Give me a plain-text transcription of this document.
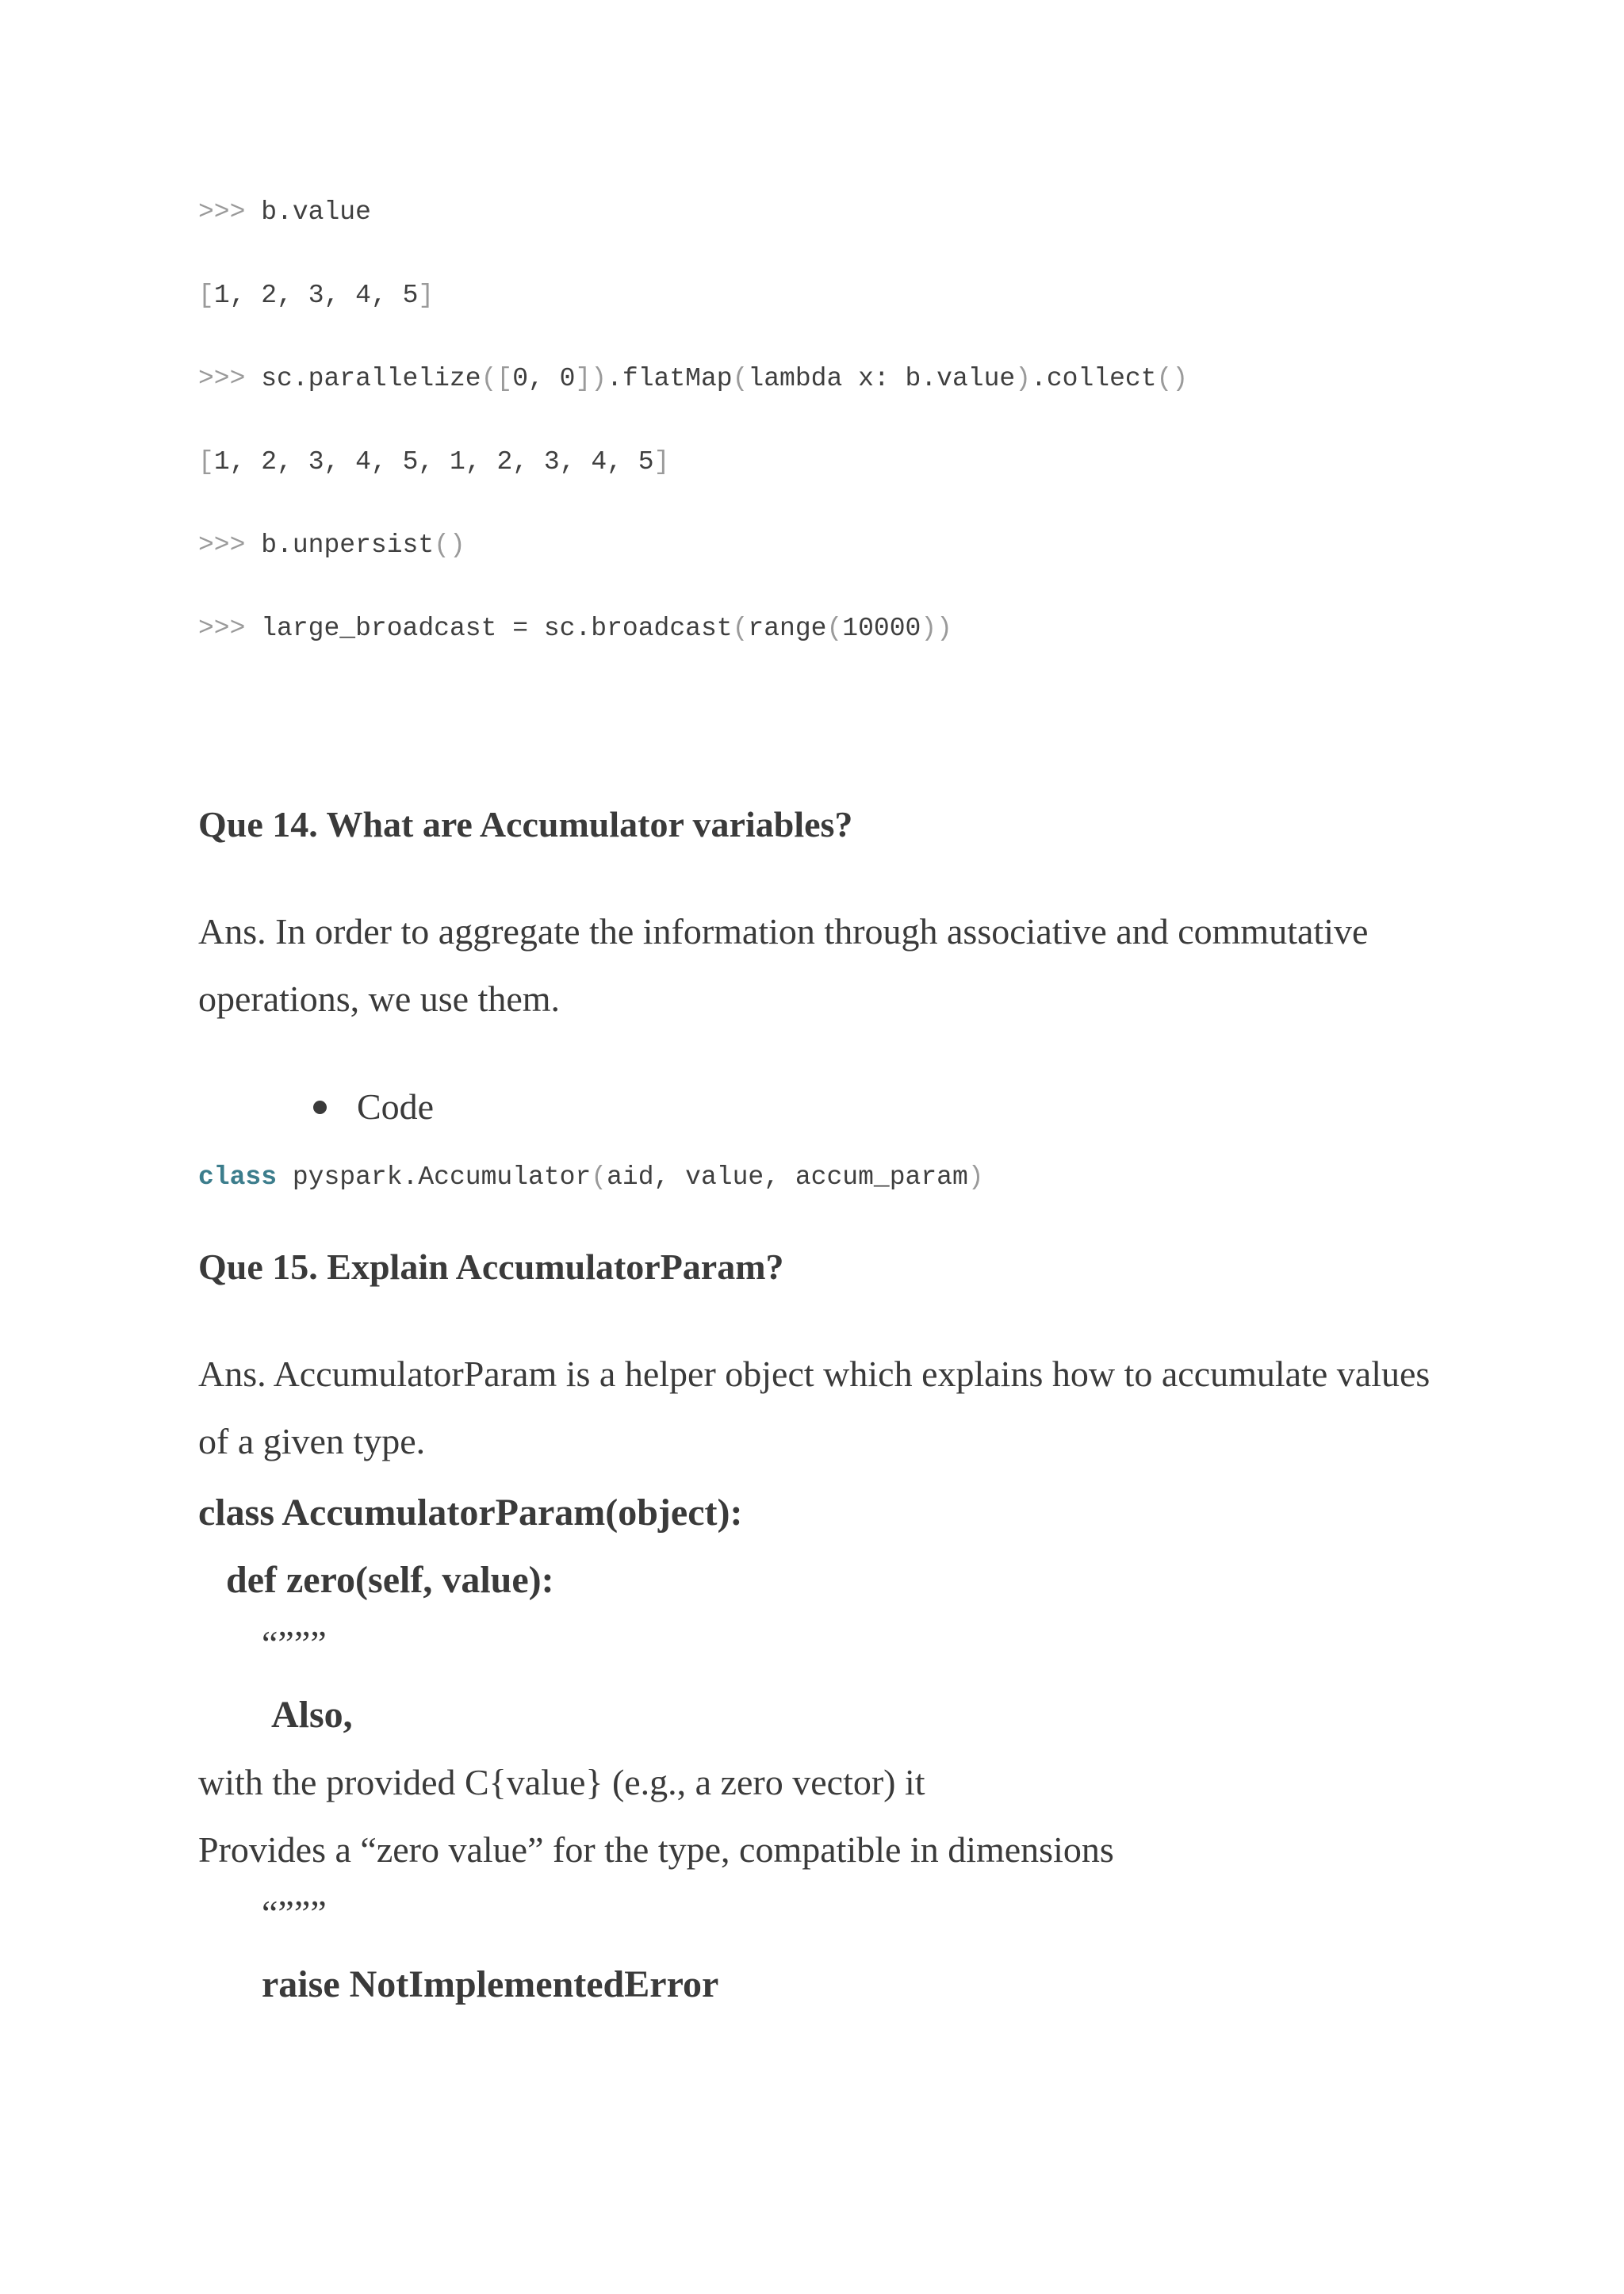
>>> b.value
[1, 2, 3, 4, 5]
>>> sc.parallelize([0, 0]).flatMap(lambda x: b.value).collect()
[1, 2, 3, 4, 5, 1, 2, 3, 4, 5]
>>> b.unpersist()
>>> large_broadcast = sc.broadcast(range(10000))
Que 14. What are Accumulator variables?
Ans. In order to aggregate the information through associative and commutative operations, we use them.
Code
class pyspark.Accumulator(aid, value, accum_param)
Que 15. Explain AccumulatorParam?
Ans. AccumulatorParam is a helper object which explains how to accumulate values of a given type.
class AccumulatorParam(object):
def zero(self, value):
“”””
Also,
with the provided C{value} (e.g., a zero vector) it
Provides a “zero value” for the type, compatible in dimensions
“”””
raise NotImplementedError
